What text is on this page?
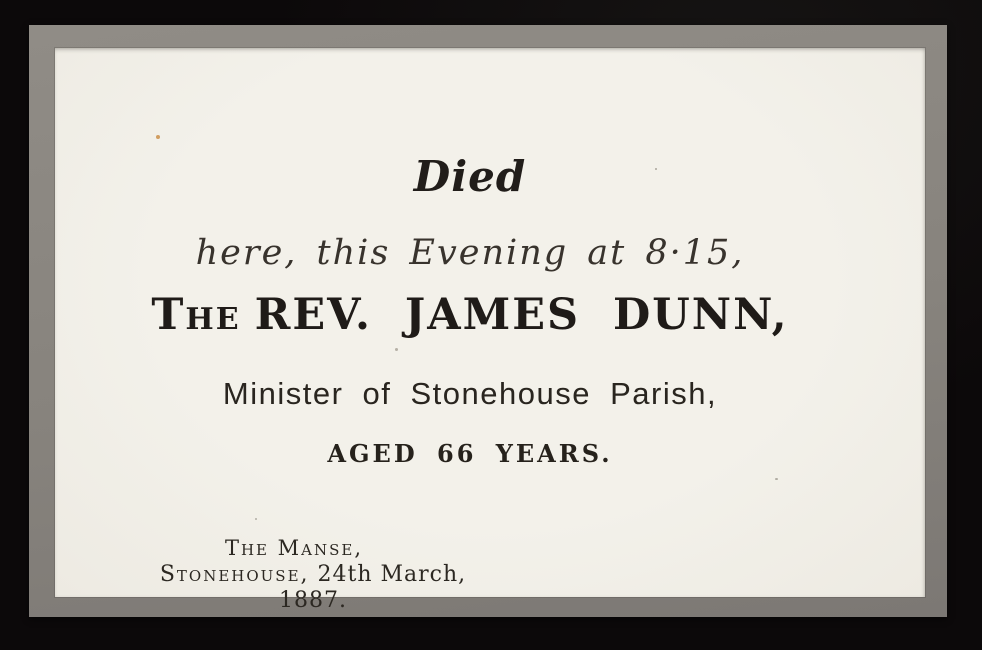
Died
here, this Evening at 8·15,
The REV. JAMES DUNN,
Minister of Stonehouse Parish,
AGED 66 YEARS.
The Manse,
Stonehouse, 24th March, 1887.
